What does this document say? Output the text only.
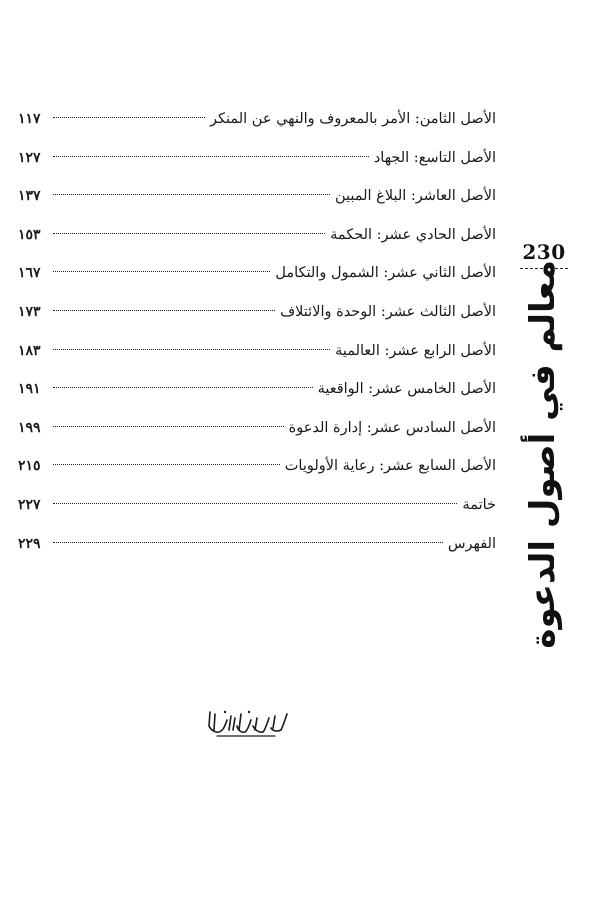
الأصل الثامن: الأمر بالمعروف والنهي عن المنكر
١١٧
الأصل التاسع: الجهاد
١٢٧
الأصل العاشر: البلاغ المبين
١٣٧
الأصل الحادي عشر: الحكمة
١٥٣
الأصل الثاني عشر: الشمول والتكامل
١٦٧
الأصل الثالث عشر: الوحدة والائتلاف
١٧٣
الأصل الرابع عشر: العالمية
١٨٣
الأصل الخامس عشر: الواقعية
١٩١
الأصل السادس عشر: إدارة الدعوة
١٩٩
الأصل السابع عشر: رعاية الأولويات
٢١٥
خاتمة
٢٢٧
الفهرس
٢٢٩
230
معالم في أصول الدعوة
